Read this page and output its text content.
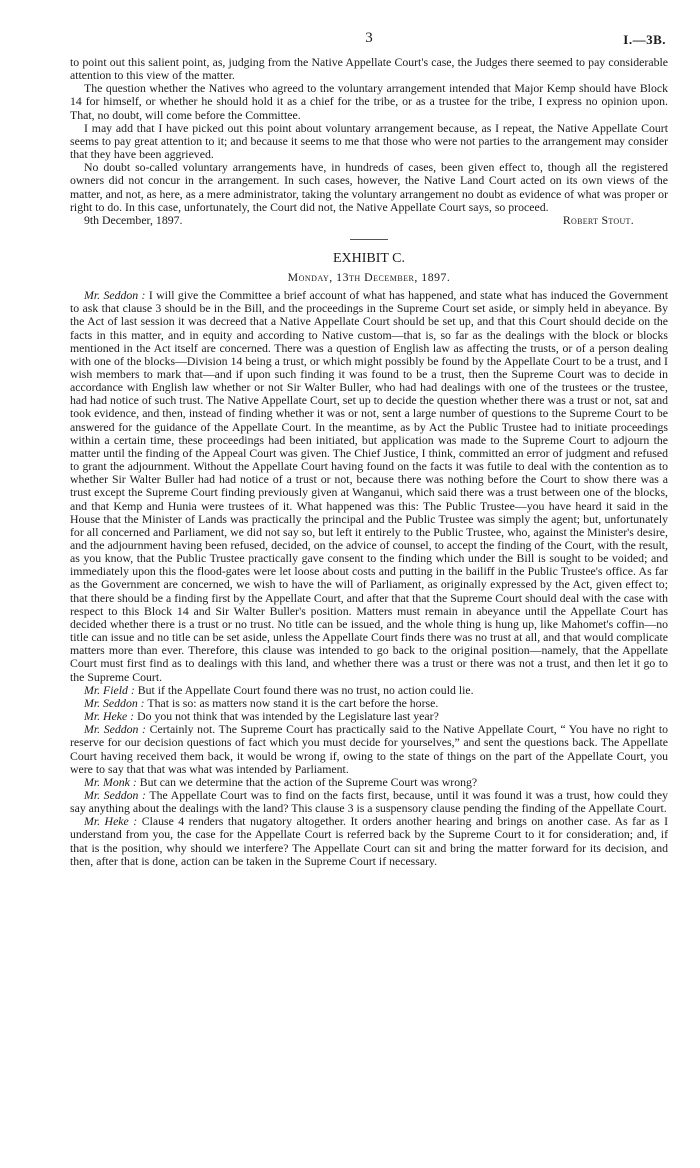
3	I.—3B.

to point out this salient point, as, judging from the Native Appellate Court's case, the Judges there seemed to pay considerable attention to this view of the matter.

The question whether the Natives who agreed to the voluntary arrangement intended that Major Kemp should have Block 14 for himself, or whether he should hold it as a chief for the tribe, or as a trustee for the tribe, I express no opinion upon. That, no doubt, will come before the Committee.

I may add that I have picked out this point about voluntary arrangement because, as I repeat, the Native Appellate Court seems to pay great attention to it; and because it seems to me that those who were not parties to the arrangement may consider that they have been aggrieved.

No doubt so-called voluntary arrangements have, in hundreds of cases, been given effect to, though all the registered owners did not concur in the arrangement. In such cases, however, the Native Land Court acted on its own views of the matter, and not, as here, as a mere administrator, taking the voluntary arrangement no doubt as evidence of what was proper or right to do. In this case, unfortunately, the Court did not, the Native Appellate Court says, so proceed.

9th December, 1897.	Robert Stout.

EXHIBIT C.

Monday, 13th December, 1897.

Mr. Seddon : I will give the Committee a brief account of what has happened, and state what has induced the Government to ask that clause 3 should be in the Bill, and the proceedings in the Supreme Court set aside, or simply held in abeyance. By the Act of last session it was decreed that a Native Appellate Court should be set up, and that this Court should decide on the facts in this matter, and in equity and according to Native custom—that is, so far as the dealings with the block or blocks mentioned in the Act itself are concerned. There was a question of English law as affecting the trusts, or of a person dealing with one of the blocks—Division 14 being a trust, or which might possibly be found by the Appellate Court to be a trust, and I wish members to mark that—and if upon such finding it was found to be a trust, then the Supreme Court was to decide in accordance with English law whether or not Sir Walter Buller, who had had dealings with one of the trustees or the trustee, had had notice of such trust. The Native Appellate Court, set up to decide the question whether there was a trust or not, sat and took evidence, and then, instead of finding whether it was or not, sent a large number of questions to the Supreme Court to be answered for the guidance of the Appellate Court. In the meantime, as by Act the Public Trustee had to initiate proceedings within a certain time, these proceedings had been initiated, but application was made to the Supreme Court to adjourn the matter until the finding of the Appeal Court was given. The Chief Justice, I think, committed an error of judgment and refused to grant the adjournment. Without the Appellate Court having found on the facts it was futile to deal with the contention as to whether Sir Walter Buller had had notice of a trust or not, because there was nothing before the Court to show there was a trust except the Supreme Court finding previously given at Wanganui, which said there was a trust between one of the blocks, and that Kemp and Hunia were trustees of it. What happened was this: The Public Trustee—you have heard it said in the House that the Minister of Lands was practically the principal and the Public Trustee was simply the agent; but, unfortunately for all concerned and Parliament, we did not say so, but left it entirely to the Public Trustee, who, against the Minister's desire, and the adjournment having been refused, decided, on the advice of counsel, to accept the finding of the Court, with the result, as you know, that the Public Trustee practically gave consent to the finding which under the Bill is sought to be voided; and immediately upon this the flood-gates were let loose about costs and putting in the bailiff in the Public Trustee's office. As far as the Government are concerned, we wish to have the will of Parliament, as originally expressed by the Act, given effect to; that there should be a finding first by the Appellate Court, and after that that the Supreme Court should deal with the case with respect to this Block 14 and Sir Walter Buller's position. Matters must remain in abeyance until the Appellate Court has decided whether there is a trust or no trust. No title can be issued, and the whole thing is hung up, like Mahomet's coffin—no title can issue and no title can be set aside, unless the Appellate Court finds there was no trust at all, and that would complicate matters more than ever. Therefore, this clause was intended to go back to the original position—namely, that the Appellate Court must first find as to dealings with this land, and whether there was a trust or there was not a trust, and then let it go to the Supreme Court.

Mr. Field : But if the Appellate Court found there was no trust, no action could lie.

Mr. Seddon : That is so: as matters now stand it is the cart before the horse.

Mr. Heke : Do you not think that was intended by the Legislature last year?

Mr. Seddon : Certainly not. The Supreme Court has practically said to the Native Appellate Court, “ You have no right to reserve for our decision questions of fact which you must decide for yourselves,” and sent the questions back. The Appellate Court having received them back, it would be wrong if, owing to the state of things on the part of the Appellate Court, you were to say that that was what was intended by Parliament.

Mr. Monk : But can we determine that the action of the Supreme Court was wrong?

Mr. Seddon : The Appellate Court was to find on the facts first, because, until it was found it was a trust, how could they say anything about the dealings with the land? This clause 3 is a suspensory clause pending the finding of the Appellate Court.

Mr. Heke : Clause 4 renders that nugatory altogether. It orders another hearing and brings on another case. As far as I understand from you, the case for the Appellate Court is referred back by the Supreme Court to it for consideration; and, if that is the position, why should we interfere? The Appellate Court can sit and bring the matter forward for its decision, and then, after that is done, action can be taken in the Supreme Court if necessary.
